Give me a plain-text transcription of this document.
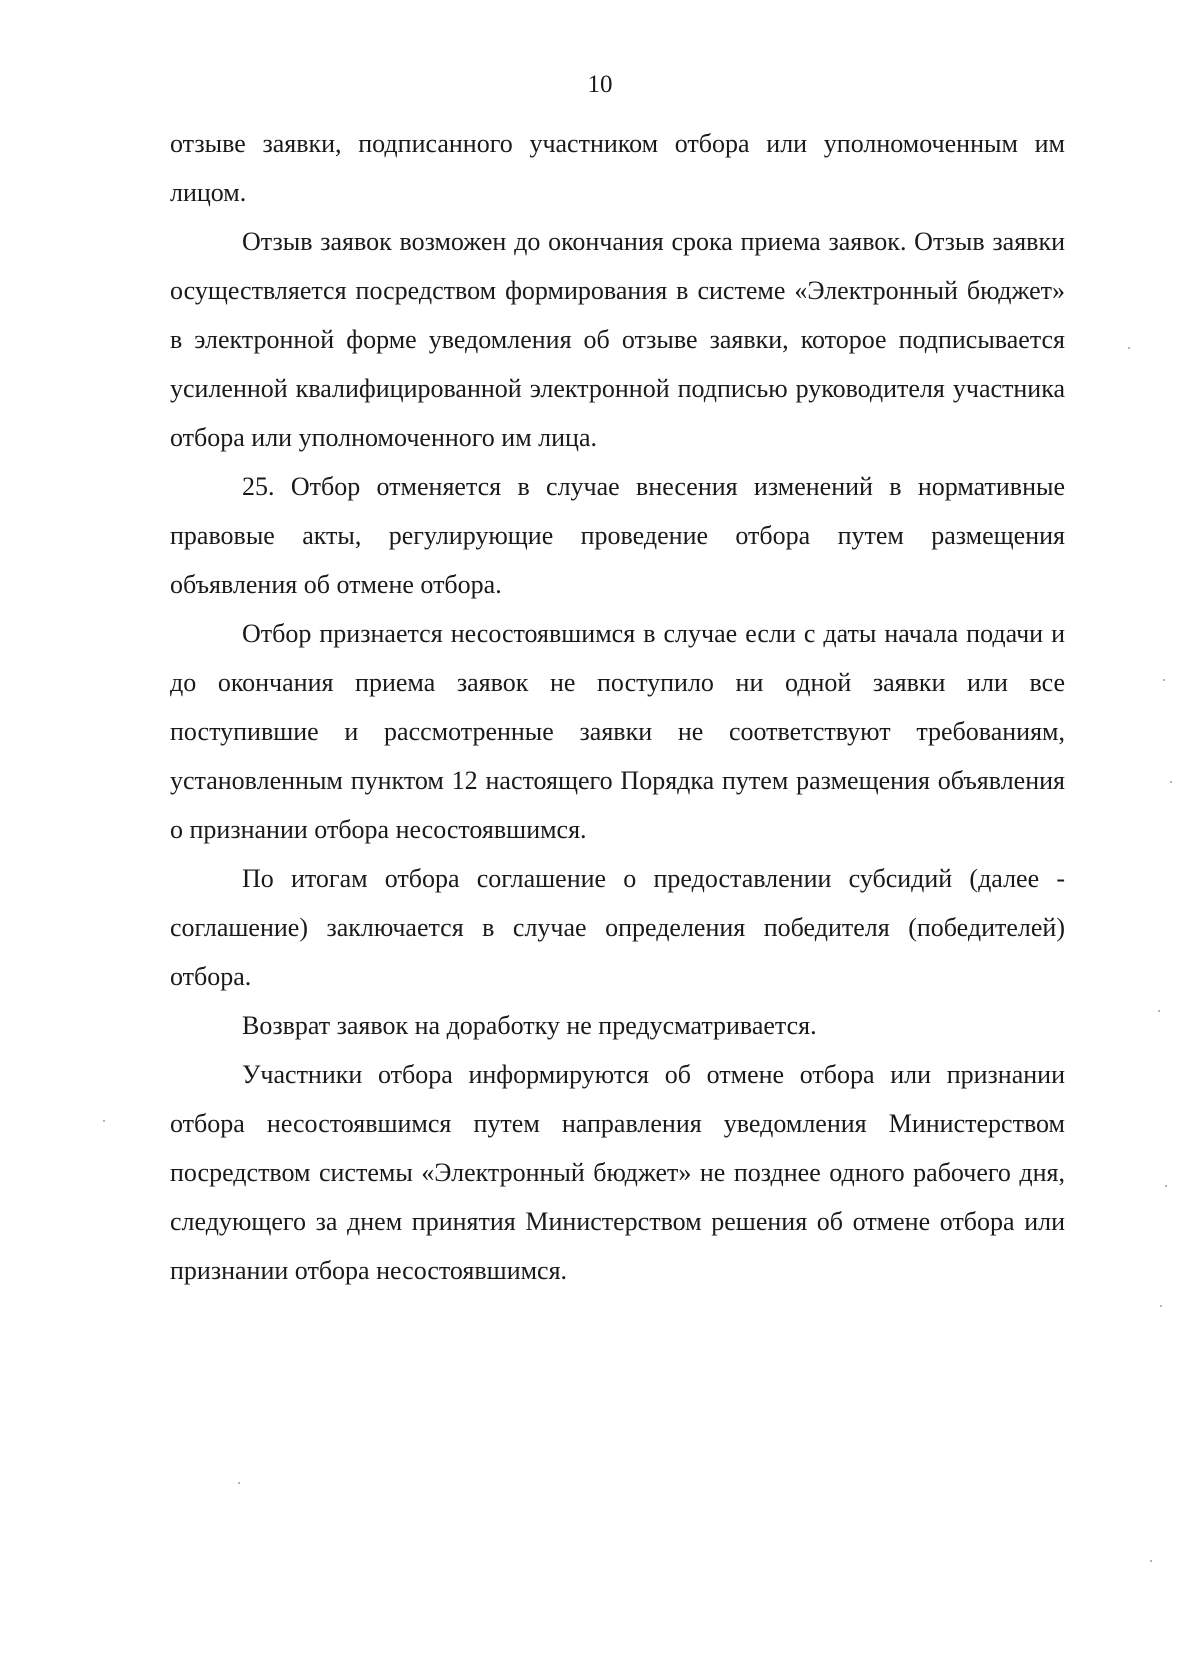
10

отзыве заявки, подписанного участником отбора или уполномоченным им лицом.

Отзыв заявок возможен до окончания срока приема заявок. Отзыв заявки осуществляется посредством формирования в системе «Электронный бюджет» в электронной форме уведомления об отзыве заявки, которое подписывается усиленной квалифицированной электронной подписью руководителя участника отбора или уполномоченного им лица.

25. Отбор отменяется в случае внесения изменений в нормативные правовые акты, регулирующие проведение отбора путем размещения объявления об отмене отбора.

Отбор признается несостоявшимся в случае если с даты начала подачи и до окончания приема заявок не поступило ни одной заявки или все поступившие и рассмотренные заявки не соответствуют требованиям, установленным пунктом 12 настоящего Порядка путем размещения объявления о признании отбора несостоявшимся.

По итогам отбора соглашение о предоставлении субсидий (далее - соглашение) заключается в случае определения победителя (победителей) отбора.

Возврат заявок на доработку не предусматривается.

Участники отбора информируются об отмене отбора или признании отбора несостоявшимся путем направления уведомления Министерством посредством системы «Электронный бюджет» не позднее одного рабочего дня, следующего за днем принятия Министерством решения об отмене отбора или признании отбора несостоявшимся.
